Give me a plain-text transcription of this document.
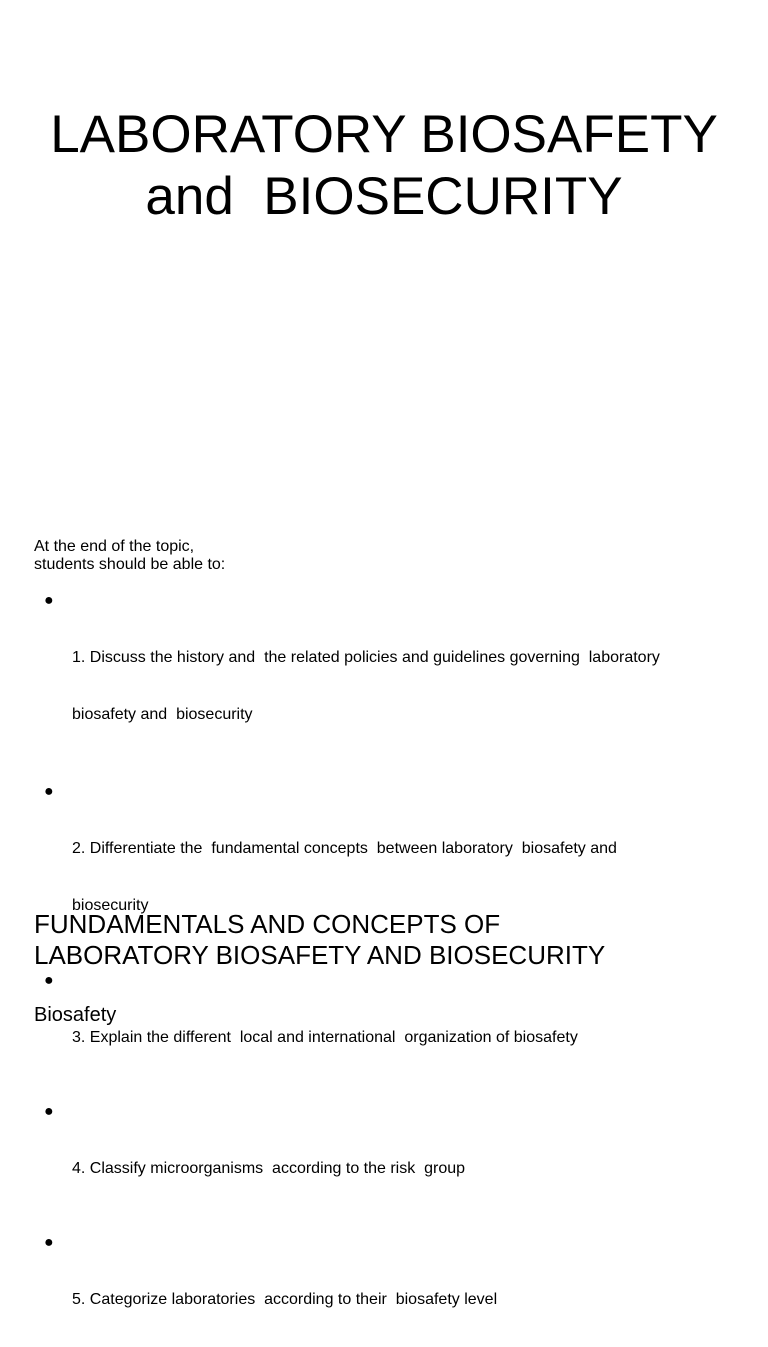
LABORATORY BIOSAFETY
and  BIOSECURITY

At the end of the topic,
students should be able to:

●

1. Discuss the history and  the related policies and guidelines governing  laboratory

biosafety and  biosecurity

●

2. Differentiate the  fundamental concepts  between laboratory  biosafety and

biosecurity

●

3. Explain the different  local and international  organization of biosafety

●

4. Classify microorganisms  according to the risk  group

●

5. Categorize laboratories  according to their  biosafety level

FUNDAMENTALS AND CONCEPTS OF
LABORATORY BIOSAFETY AND BIOSECURITY
Biosafety
